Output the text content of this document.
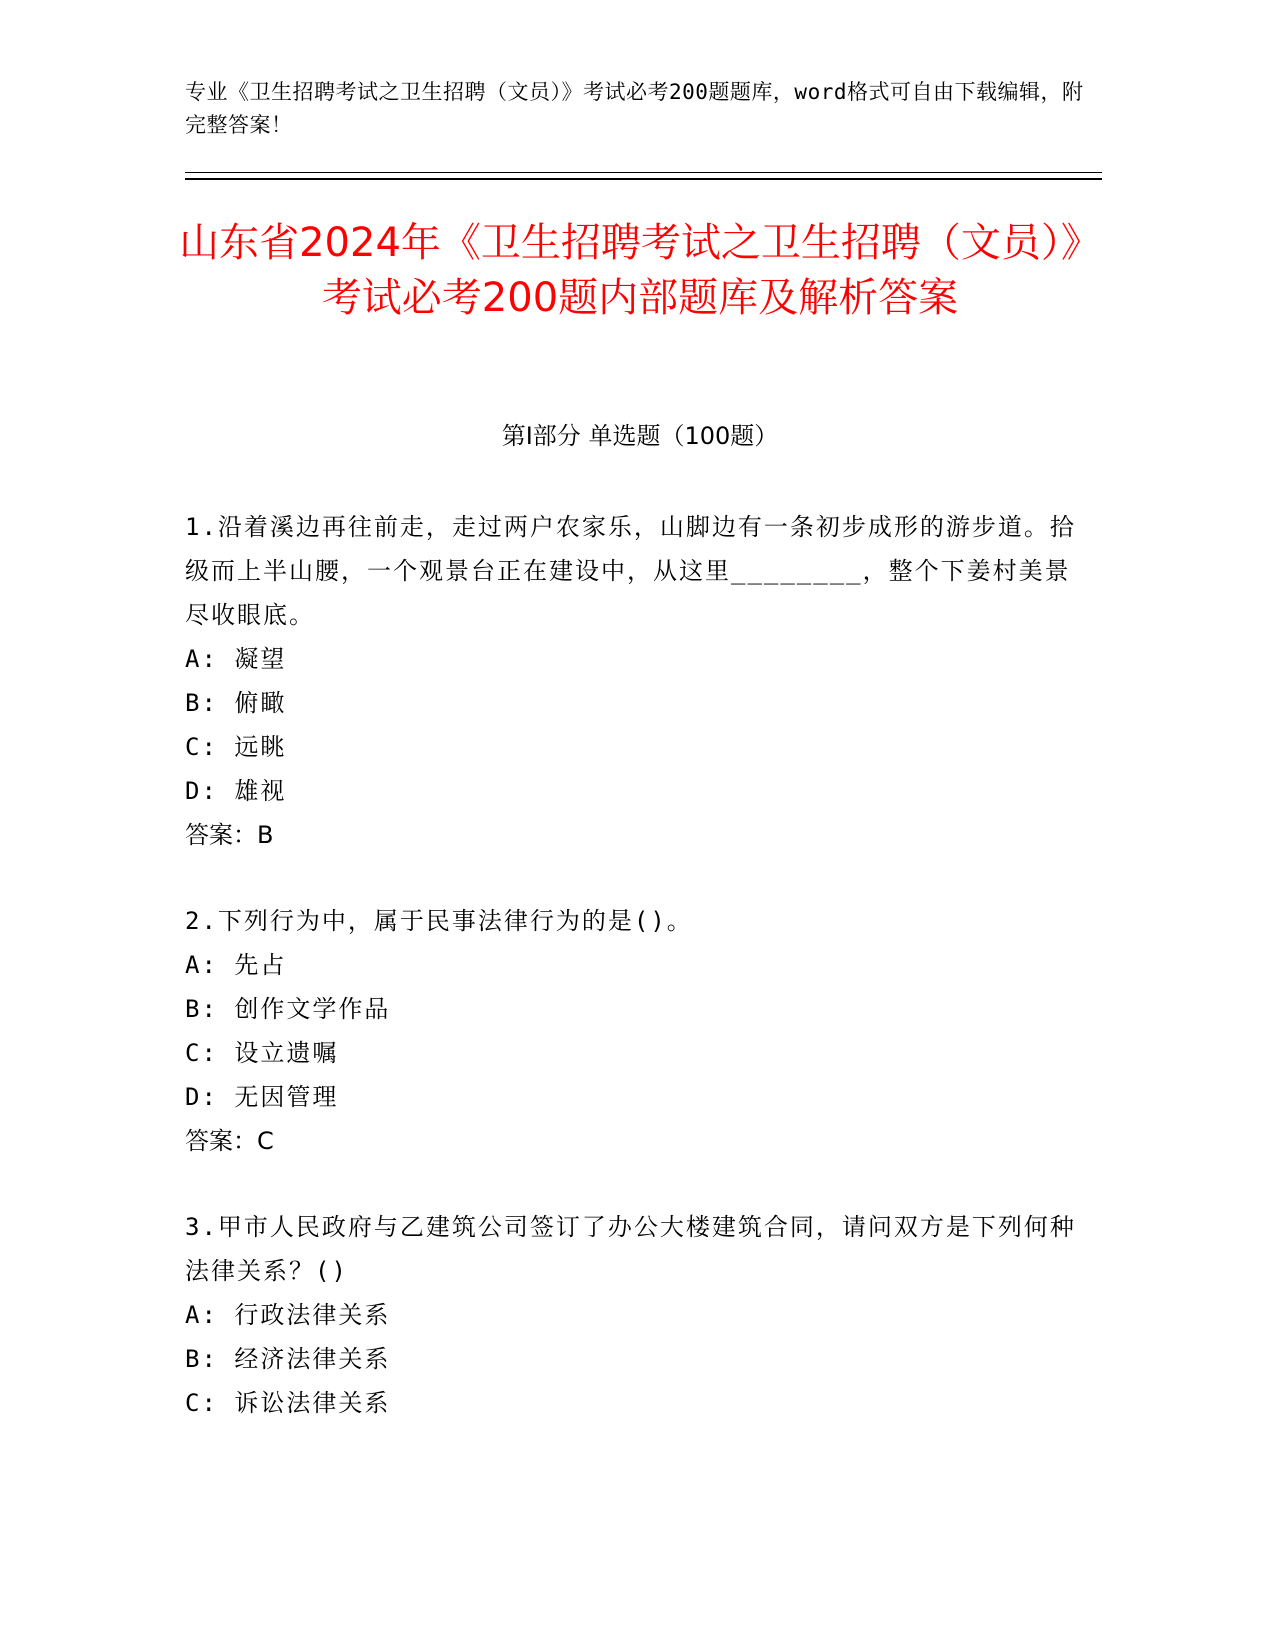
专业《卫生招聘考试之卫生招聘（文员）》考试必考200题题库，word格式可自由下载编辑，附完整答案！
山东省2024年《卫生招聘考试之卫生招聘（文员）》考试必考200题内部题库及解析答案
第Ⅰ部分 单选题（100题）

1.沿着溪边再往前走，走过两户农家乐，山脚边有一条初步成形的游步道。拾级而上半山腰，一个观景台正在建设中，从这里________，整个下姜村美景尽收眼底。

A: 凝望

B: 俯瞰

C: 远眺

D: 雄视

答案：B

2.下列行为中，属于民事法律行为的是()。

A: 先占

B: 创作文学作品

C: 设立遗嘱

D: 无因管理

答案：C

3.甲市人民政府与乙建筑公司签订了办公大楼建筑合同，请问双方是下列何种法律关系？()

A: 行政法律关系

B: 经济法律关系

C: 诉讼法律关系
